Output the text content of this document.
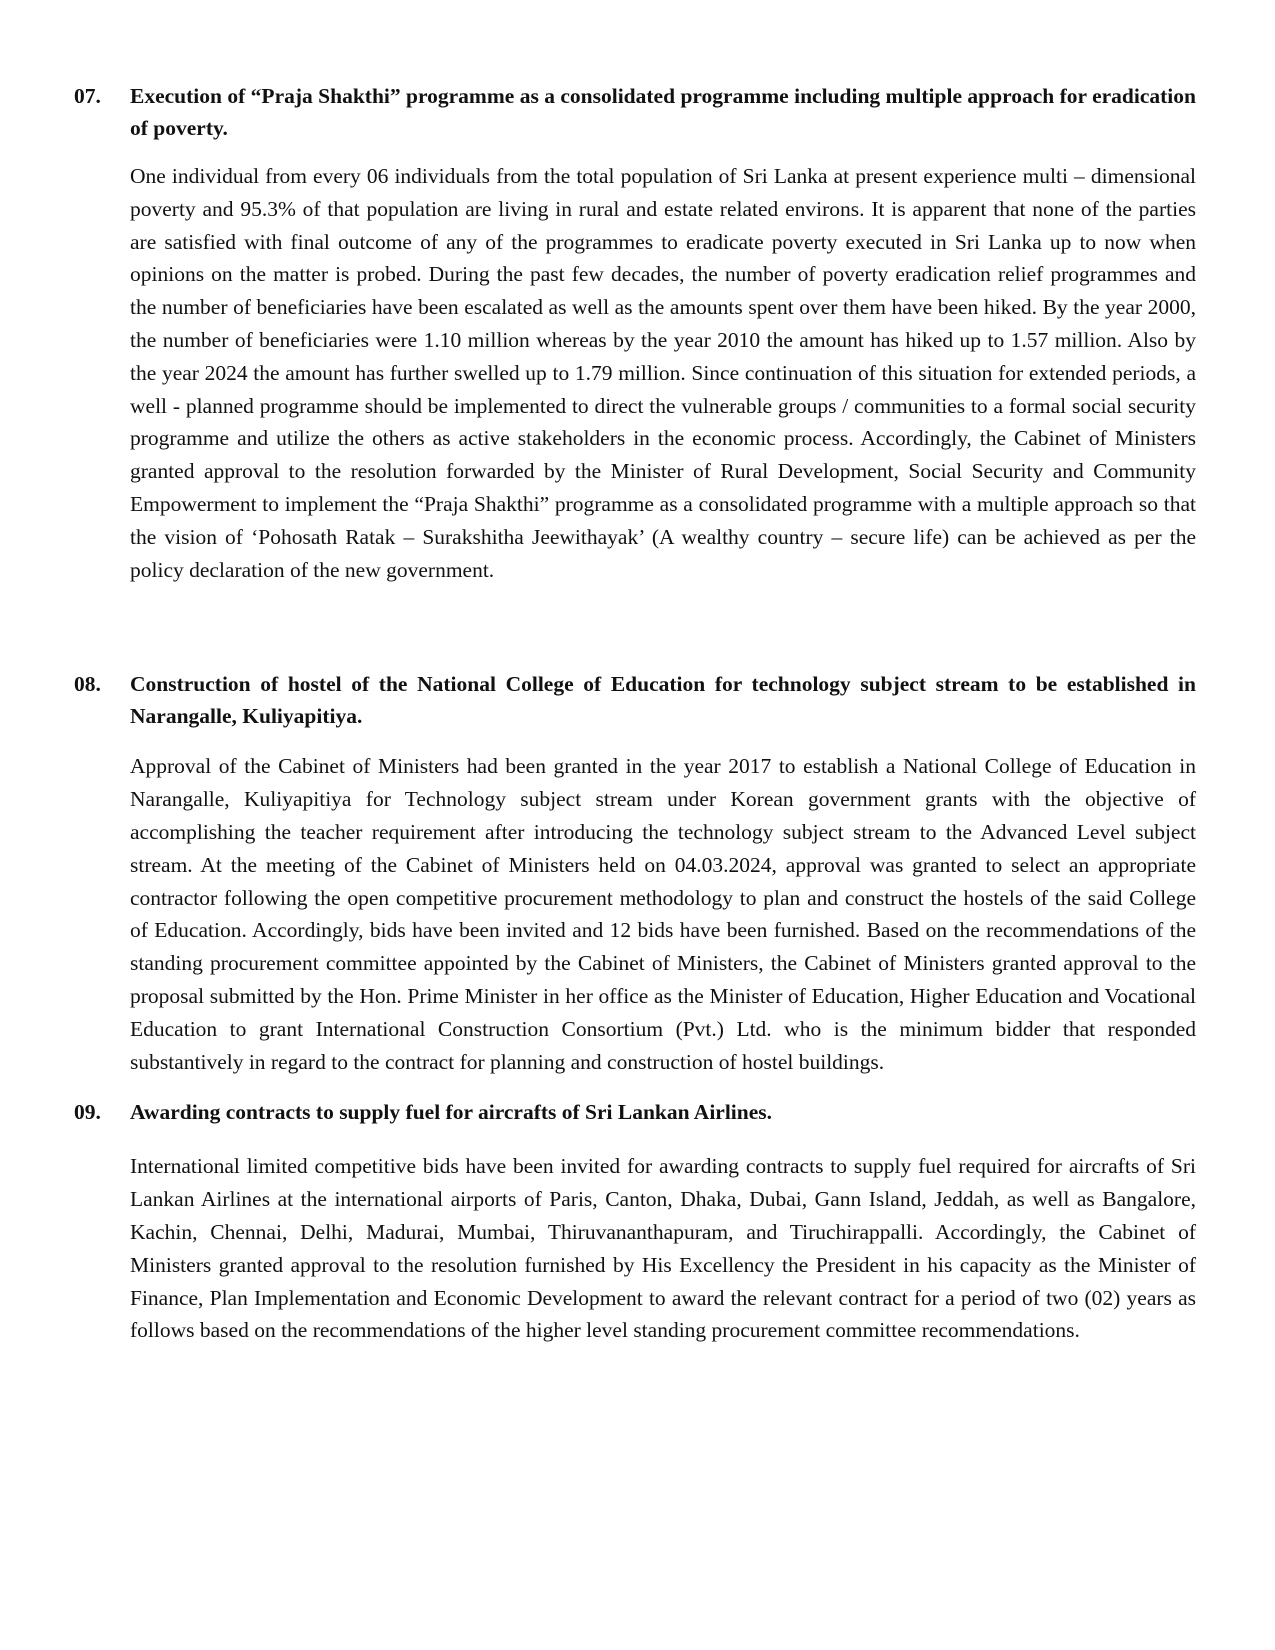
07.	Execution of “Praja Shakthi” programme as a consolidated programme including multiple approach for eradication of poverty.
One individual from every 06 individuals from the total population of Sri Lanka at present experience multi – dimensional poverty and 95.3% of that population are living in rural and estate related environs. It is apparent that none of the parties are satisfied with final outcome of any of the programmes to eradicate poverty executed in Sri Lanka up to now when opinions on the matter is probed. During the past few decades, the number of poverty eradication relief programmes and the number of beneficiaries have been escalated as well as the amounts spent over them have been hiked. By the year 2000, the number of beneficiaries were 1.10 million whereas by the year 2010 the amount has hiked up to 1.57 million. Also by the year 2024 the amount has further swelled up to 1.79 million. Since continuation of this situation for extended periods, a well - planned programme should be implemented to direct the vulnerable groups / communities to a formal social security programme and utilize the others as active stakeholders in the economic process. Accordingly, the Cabinet of Ministers granted approval to the resolution forwarded by the Minister of Rural Development, Social Security and Community Empowerment to implement the “Praja Shakthi” programme as a consolidated programme with a multiple approach so that the vision of ‘Pohosath Ratak – Surakshitha Jeewithayak’ (A wealthy country – secure life) can be achieved as per the policy declaration of the new government.
08.	Construction of hostel of the National College of Education for technology subject stream to be established in Narangalle, Kuliyapitiya.
Approval of the Cabinet of Ministers had been granted in the year 2017 to establish a National College of Education in Narangalle, Kuliyapitiya for Technology subject stream under Korean government grants with the objective of accomplishing the teacher requirement after introducing the technology subject stream to the Advanced Level subject stream. At the meeting of the Cabinet of Ministers held on 04.03.2024, approval was granted to select an appropriate contractor following the open competitive procurement methodology to plan and construct the hostels of the said College of Education. Accordingly, bids have been invited and 12 bids have been furnished. Based on the recommendations of the standing procurement committee appointed by the Cabinet of Ministers, the Cabinet of Ministers granted approval to the proposal submitted by the Hon. Prime Minister in her office as the Minister of Education, Higher Education and Vocational Education to grant International Construction Consortium (Pvt.) Ltd. who is the minimum bidder that responded substantively in regard to the contract for planning and construction of hostel buildings.
09.	Awarding contracts to supply fuel for aircrafts of Sri Lankan Airlines.
International limited competitive bids have been invited for awarding contracts to supply fuel required for aircrafts of Sri Lankan Airlines at the international airports of Paris, Canton, Dhaka, Dubai, Gann Island, Jeddah, as well as Bangalore, Kachin, Chennai, Delhi, Madurai, Mumbai, Thiruvananthapuram, and Tiruchirappalli. Accordingly, the Cabinet of Ministers granted approval to the resolution furnished by His Excellency the President in his capacity as the Minister of Finance, Plan Implementation and Economic Development to award the relevant contract for a period of two (02) years as follows based on the recommendations of the higher level standing procurement committee recommendations.
